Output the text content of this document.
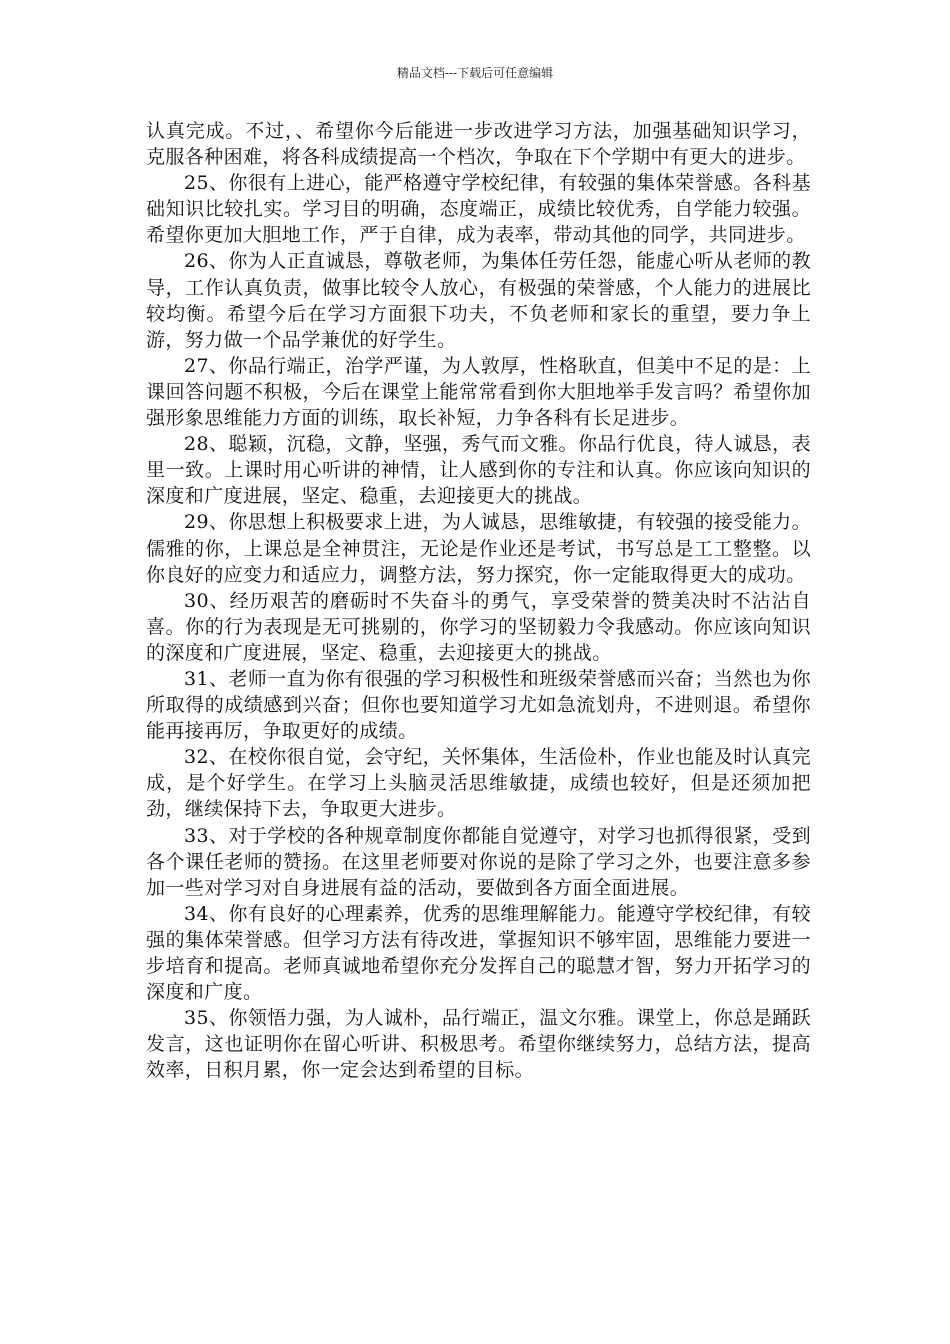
精品文档---下载后可任意编辑

认真完成。不过，、希望你今后能进一步改进学习方法，加强基础知识学习，克服各种困难，将各科成绩提高一个档次，争取在下个学期中有更大的进步。

25、你很有上进心，能严格遵守学校纪律，有较强的集体荣誉感。各科基础知识比较扎实。学习目的明确，态度端正，成绩比较优秀，自学能力较强。希望你更加大胆地工作，严于自律，成为表率，带动其他的同学，共同进步。

26、你为人正直诚恳，尊敬老师，为集体任劳任怨，能虚心听从老师的教导，工作认真负责，做事比较令人放心，有极强的荣誉感，个人能力的进展比较均衡。希望今后在学习方面狠下功夫，不负老师和家长的重望，要力争上游，努力做一个品学兼优的好学生。

27、你品行端正，治学严谨，为人敦厚，性格耿直，但美中不足的是：上课回答问题不积极，今后在课堂上能常常看到你大胆地举手发言吗？希望你加强形象思维能力方面的训练，取长补短，力争各科有长足进步。

28、聪颖，沉稳，文静，坚强，秀气而文雅。你品行优良，待人诚恳，表里一致。上课时用心听讲的神情，让人感到你的专注和认真。你应该向知识的深度和广度进展，坚定、稳重，去迎接更大的挑战。

29、你思想上积极要求上进，为人诚恳，思维敏捷，有较强的接受能力。儒雅的你，上课总是全神贯注，无论是作业还是考试，书写总是工工整整。以你良好的应变力和适应力，调整方法，努力探究，你一定能取得更大的成功。

30、经历艰苦的磨砺时不失奋斗的勇气，享受荣誉的赞美决时不沾沾自喜。你的行为表现是无可挑剔的，你学习的坚韧毅力令我感动。你应该向知识的深度和广度进展，坚定、稳重，去迎接更大的挑战。

31、老师一直为你有很强的学习积极性和班级荣誉感而兴奋；当然也为你所取得的成绩感到兴奋；但你也要知道学习尤如急流划舟，不进则退。希望你能再接再厉，争取更好的成绩。

32、在校你很自觉，会守纪，关怀集体，生活俭朴，作业也能及时认真完成，是个好学生。在学习上头脑灵活思维敏捷，成绩也较好，但是还须加把劲，继续保持下去，争取更大进步。

33、对于学校的各种规章制度你都能自觉遵守，对学习也抓得很紧，受到各个课任老师的赞扬。在这里老师要对你说的是除了学习之外，也要注意多参加一些对学习对自身进展有益的活动，要做到各方面全面进展。

34、你有良好的心理素养，优秀的思维理解能力。能遵守学校纪律，有较强的集体荣誉感。但学习方法有待改进，掌握知识不够牢固，思维能力要进一步培育和提高。老师真诚地希望你充分发挥自己的聪慧才智，努力开拓学习的深度和广度。

35、你领悟力强，为人诚朴，品行端正，温文尔雅。课堂上，你总是踊跃发言，这也证明你在留心听讲、积极思考。希望你继续努力，总结方法，提高效率，日积月累，你一定会达到希望的目标。
